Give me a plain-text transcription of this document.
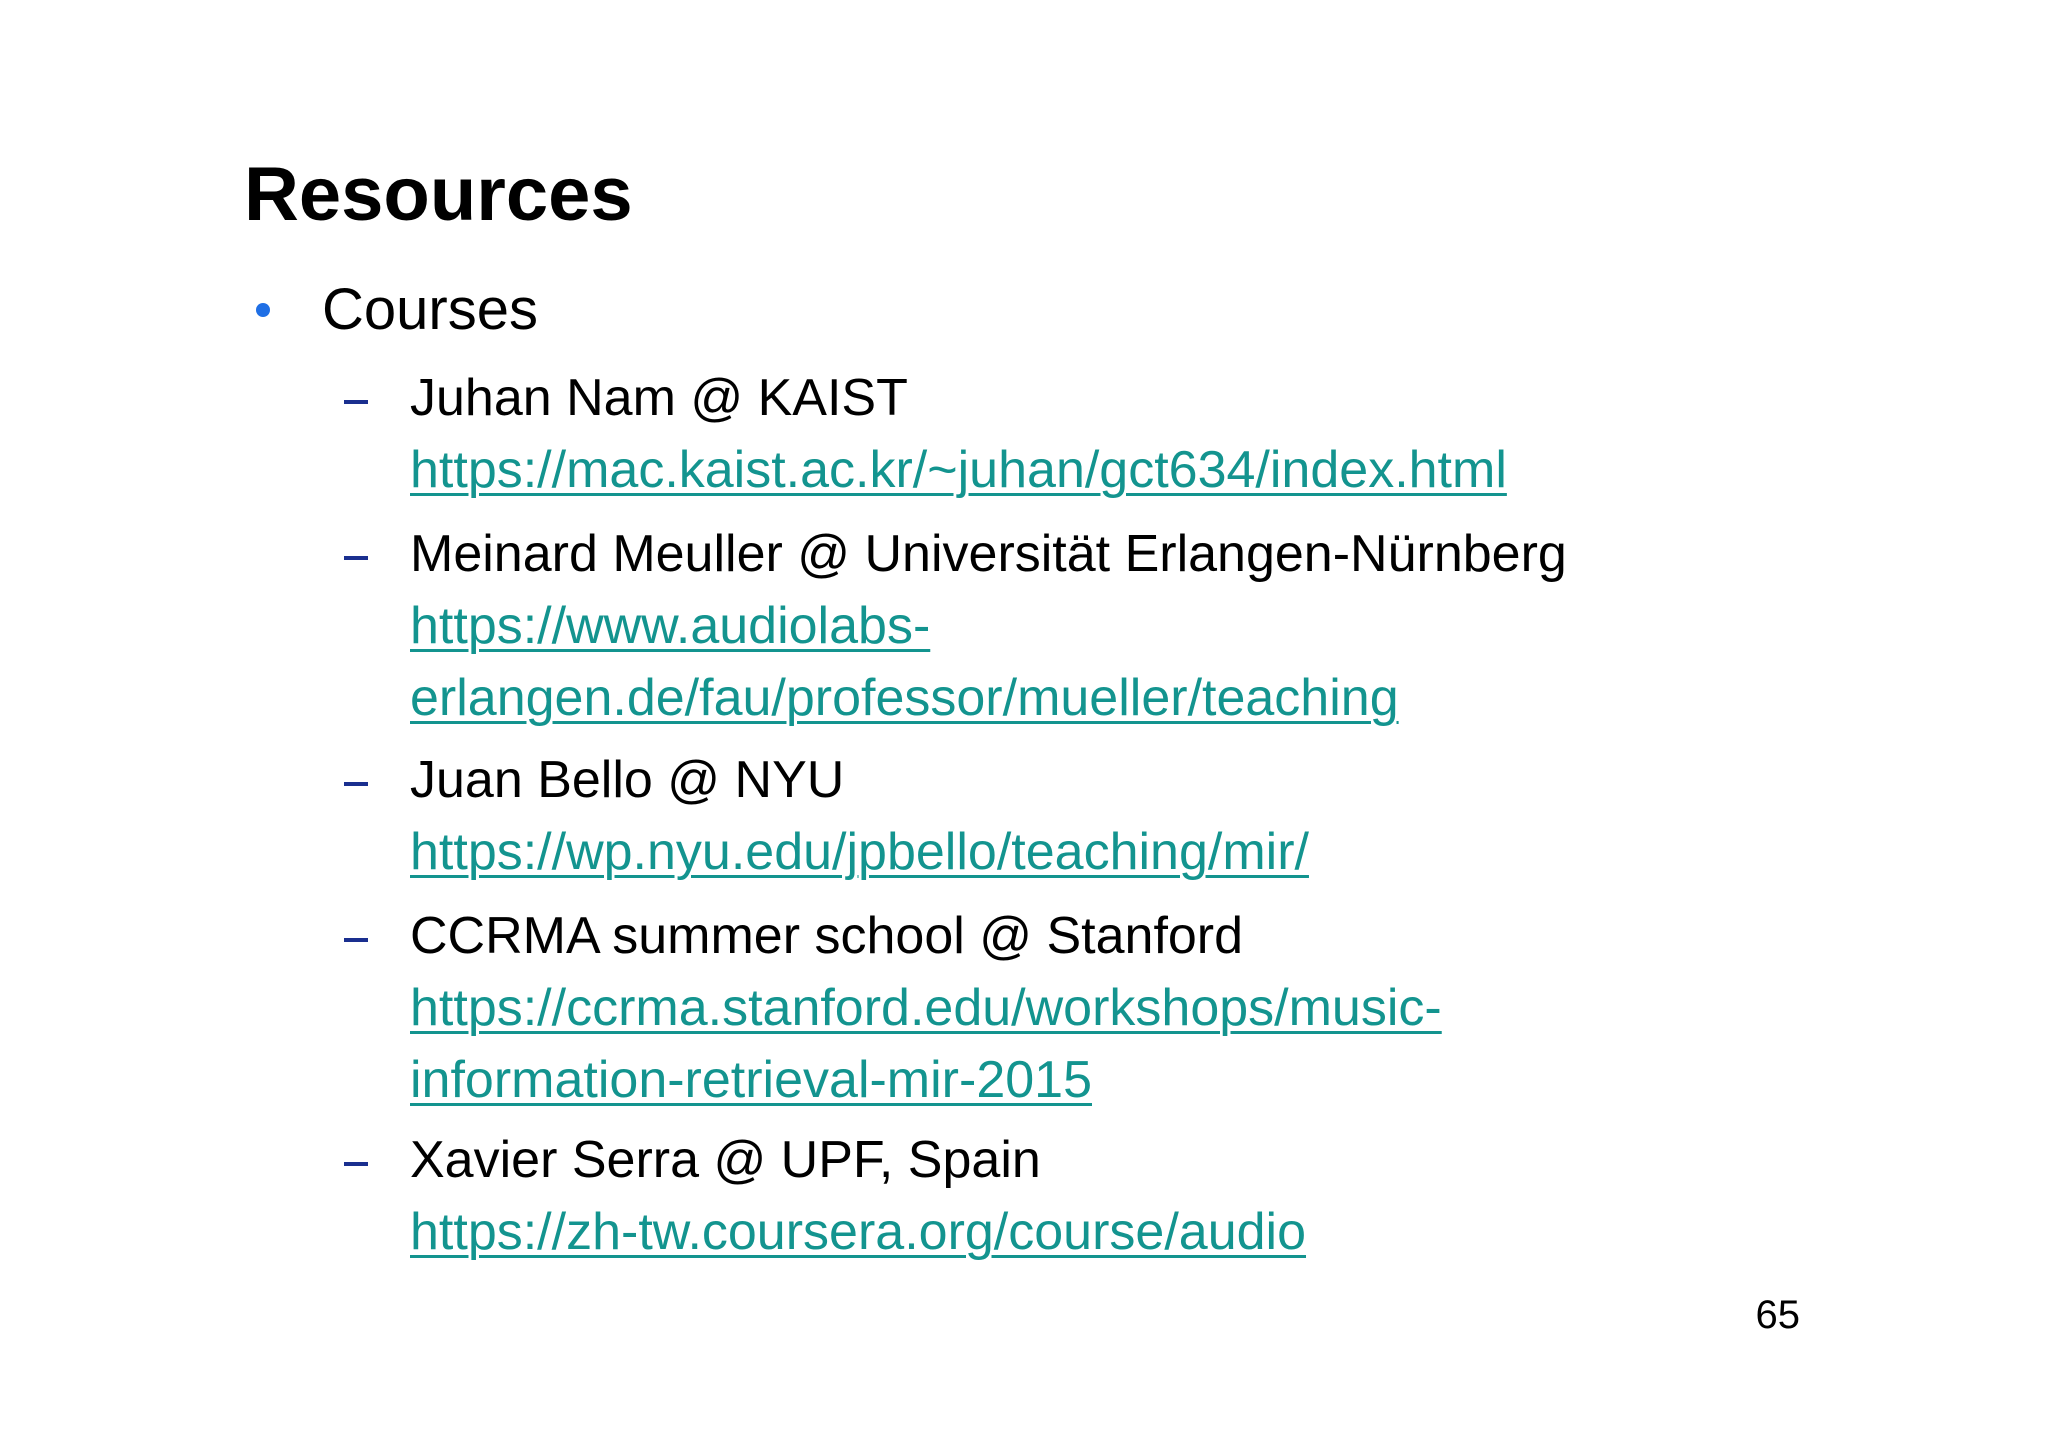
Resources
Courses
Juhan Nam @ KAIST
https://mac.kaist.ac.kr/~juhan/gct634/index.html
Meinard Meuller @ Universität Erlangen-Nürnberg
https://www.audiolabs-
erlangen.de/fau/professor/mueller/teaching
Juan Bello @ NYU
https://wp.nyu.edu/jpbello/teaching/mir/
CCRMA summer school @ Stanford
https://ccrma.stanford.edu/workshops/music-
information-retrieval-mir-2015
Xavier Serra @ UPF, Spain
https://zh-tw.coursera.org/course/audio
65
